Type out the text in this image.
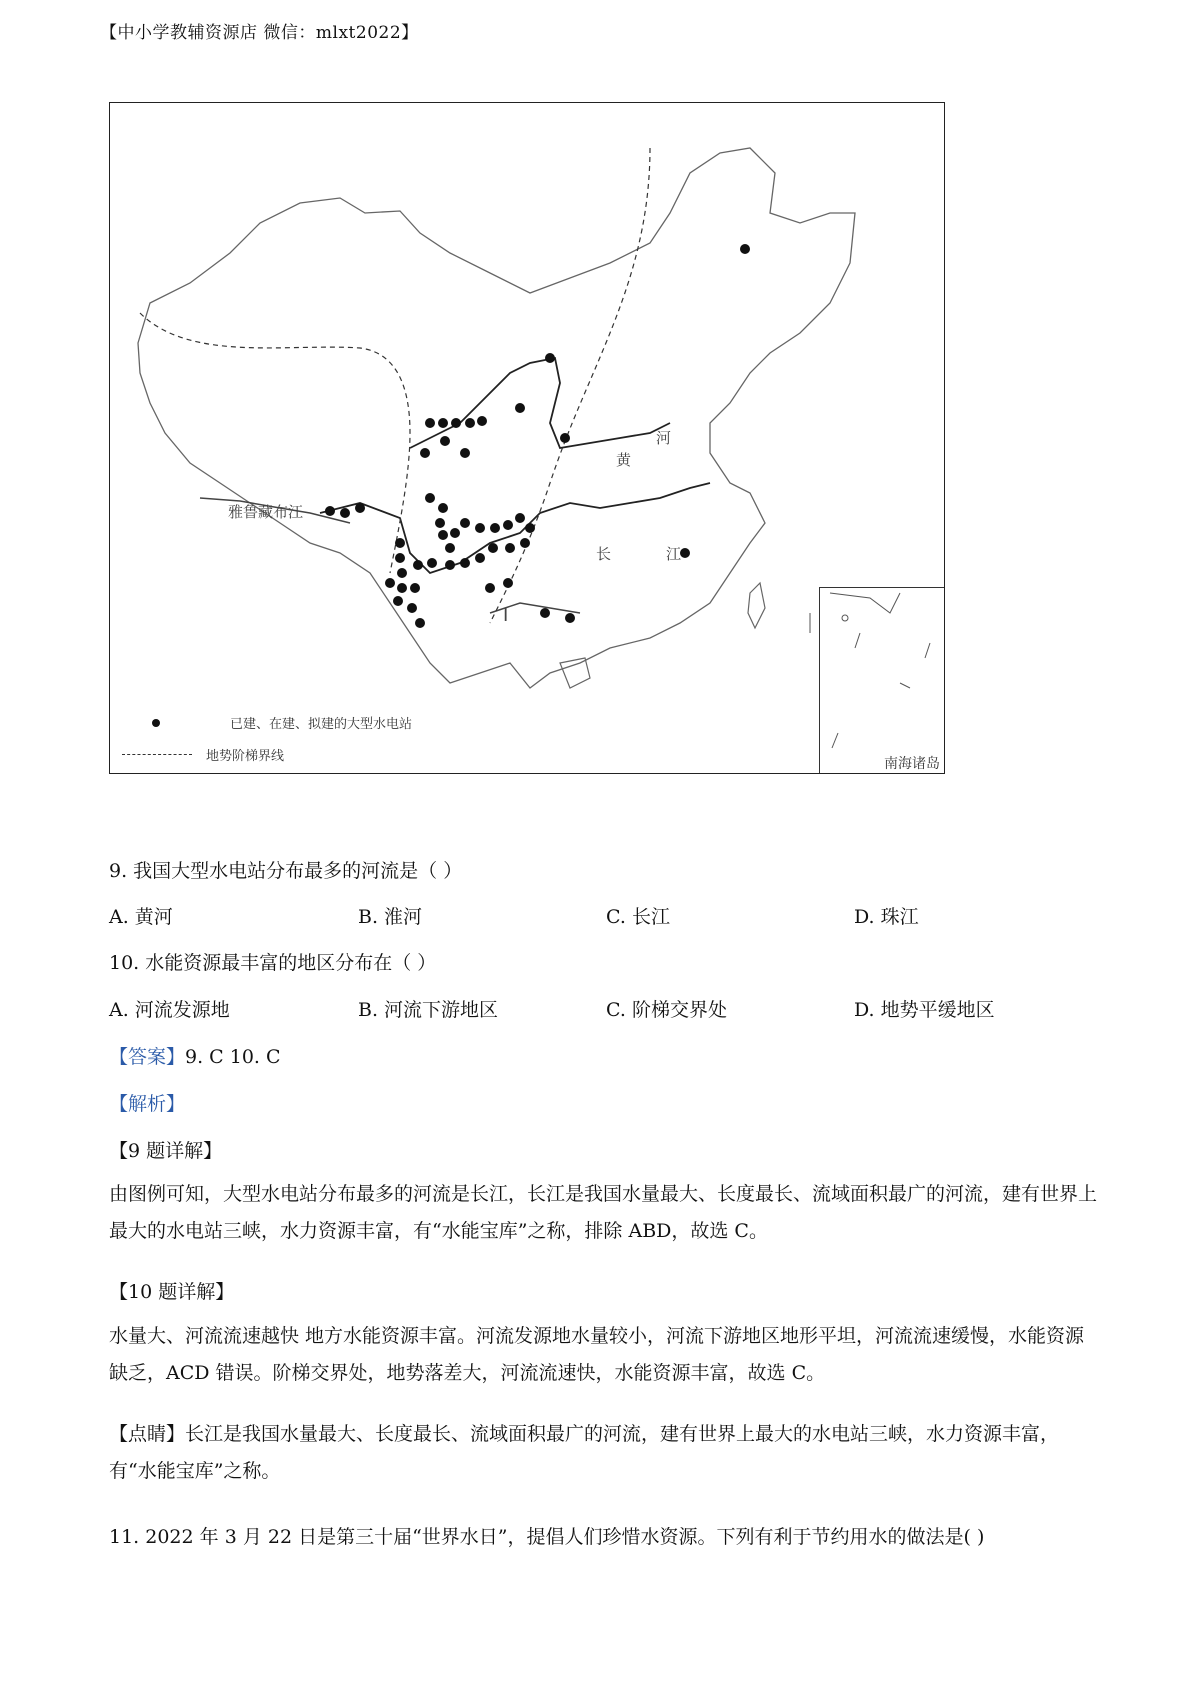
【中小学教辅资源店 微信：mlxt2022】
雅鲁藏布江
黄
河
长	江
I
已建、在建、拟建的大型水电站
地势阶梯界线	南海诸岛
9. 我国大型水电站分布最多的河流是（ ）
A. 黄河	B. 淮河	C. 长江	D. 珠江
10. 水能资源最丰富的地区分布在（ ）
A. 河流发源地	B. 河流下游地区	C. 阶梯交界处	D. 地势平缓地区
【答案】9. C 10. C
【解析】
【9 题详解】
由图例可知，大型水电站分布最多的河流是长江，长江是我国水量最大、长度最长、流域面积最广的河流，建有世界上最大的水电站三峡，水力资源丰富，有“水能宝库”之称，排除 ABD，故选 C。
【10 题详解】
水量大、河流流速越快 地方水能资源丰富。河流发源地水量较小，河流下游地区地形平坦，河流流速缓慢，水能资源缺乏，ACD 错误。阶梯交界处，地势落差大，河流流速快，水能资源丰富，故选 C。
【点睛】长江是我国水量最大、长度最长、流域面积最广的河流，建有世界上最大的水电站三峡，水力资源丰富，有“水能宝库”之称。
11. 2022 年 3 月 22 日是第三十届“世界水日”，提倡人们珍惜水资源。下列有利于节约用水的做法是( )
